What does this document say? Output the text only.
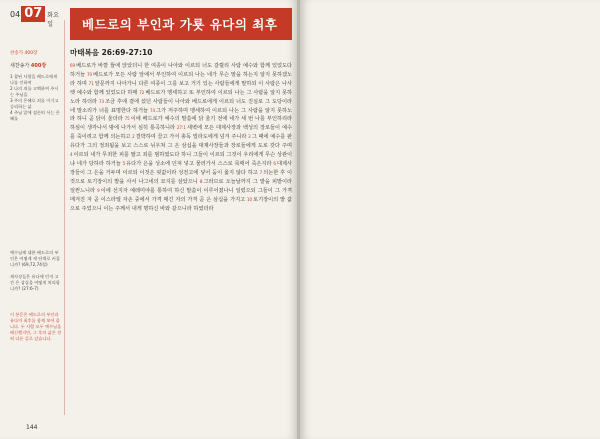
04 07 화요일
찬송가 400장
새찬송가 400장
1 참된 사랑을 베드로에게 나를 인하여
2 나의 죄를 고백하여 주시는 주님을
3 주의 은혜로 죄를 이기고 승리하는 삶
4 주님 앞에 겸손히 서는 은혜를
예수님께 대한 베드로의 부인은 어떻게 세 단계로 커집니까? (69,72,74절)
제사장들은 유다에 던져 고 간 은 삼십을 어떻게 처리합니까? (27:6-7)
이 본문은 베드로의 부인과 유다의 최후를 함께 보여 줍니다. 두 사람 모두 예수님을 배신했지만, 그 후의 삶은 전혀 다른 길로 갔습니다.
베드로의 부인과 가룟 유다의 최후
마태복음 26:69-27:10
69베드로가 바깥 뜰에 앉았더니 한 여종이 나아와 이르되 너도 갈릴리 사람 예수와 함께 있었도다 하거늘 70베드로가 모든 사람 앞에서 부인하여 이르되 나는 네가 무슨 말을 하는지 알지 못하겠노라 하며 71앞문까지 나아가니 다른 여종이 그를 보고 거기 있는 사람들에게 말하되 이 사람은 나사렛 예수와 함께 있었도다 하매 72베드로가 맹세하고 또 부인하여 이르되 나는 그 사람을 알지 못하노라 하더라 73조금 후에 곁에 섰던 사람들이 나아와 베드로에게 이르되 너도 진실로 그 도당이라 네 말소리가 너를 표명한다 하거늘 74그가 저주하며 맹세하여 이르되 나는 그 사람을 알지 못하노라 하니 곧 닭이 울더라 75이에 베드로가 예수의 말씀에 닭 울기 전에 네가 세 번 나를 부인하리라 하심이 생각나서 밖에 나가서 심히 통곡하니라 27:1새벽에 모든 대제사장과 백성의 장로들이 예수를 죽이려고 함께 의논하고 2결박하여 끌고 가서 총독 빌라도에게 넘겨 주니라 3그 때에 예수를 판 유다가 그의 정죄됨을 보고 스스로 뉘우쳐 그 은 삼십을 대제사장들과 장로들에게 도로 갖다 주며 4이르되 내가 무죄한 피를 팔고 죄를 범하였도다 하니 그들이 이르되 그것이 우리에게 무슨 상관이냐 네가 당하라 하거늘 5유다가 은을 성소에 던져 넣고 물러가서 스스로 목매어 죽은지라 6대제사장들이 그 은을 거두며 이르되 이것은 핏값이라 성전고에 넣어 둠이 옳지 않다 하고 7의논한 후 이것으로 토기장이의 밭을 사서 나그네의 묘지를 삼았으니 8그러므로 오늘날까지 그 밭을 피밭이라 일컫느니라 9이에 선지자 예레미야를 통하여 하신 말씀이 이루어졌나니 일렀으되 그들이 그 가격 매겨진 자 곧 이스라엘 자손 중에서 가격 매긴 자의 가격 곧 은 삼십을 가지고 10토기장이의 밭 값으로 주었으니 이는 주께서 내게 명하신 바와 같으니라 하였더라
144
